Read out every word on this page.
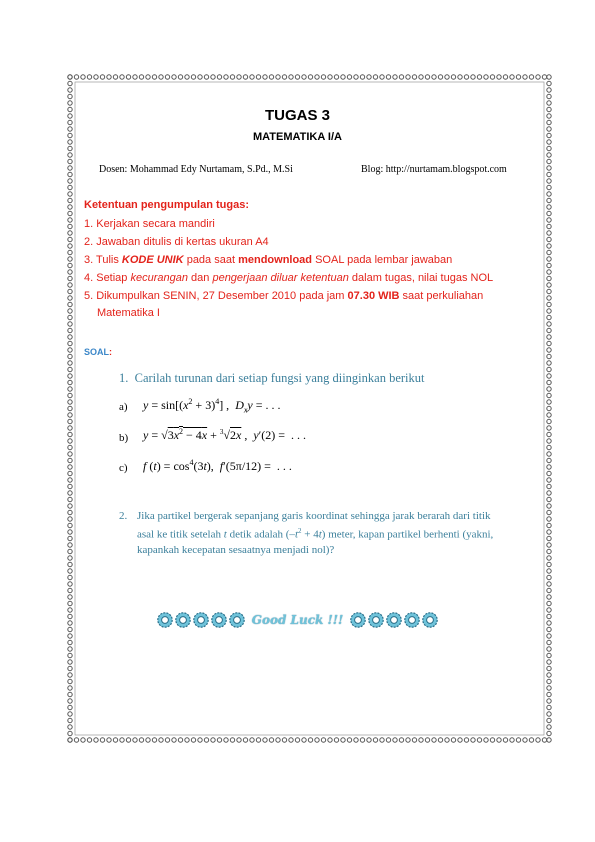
TUGAS 3
MATEMATIKA I/A
Dosen: Mohammad Edy Nurtamam, S.Pd., M.Si	Blog: http://nurtamam.blogspot.com
Ketentuan pengumpulan tugas:
1. Kerjakan secara mandiri
2. Jawaban ditulis di kertas ukuran A4
3. Tulis KODE UNIK pada saat mendownload SOAL pada lembar jawaban
4. Setiap kecurangan dan pengerjaan diluar ketentuan dalam tugas, nilai tugas NOL
5. Dikumpulkan SENIN, 27 Desember 2010 pada jam 07.30 WIB saat perkuliahan
Matematika I
SOAL:
1. Carilah turunan dari setiap fungsi yang diinginkan berikut
a) $y = \sin[(x^2 + 3)^4]$ ,  $D_xy$ = . . .
b) $y = √3x^2 - 4x + ^3√2x$ ,  y′(2) =  . . .
c) f $(t) = \cos^4(3t)$,  f′(5π/12) =  . . .
2. Jika partikel bergerak sepanjang garis koordinat sehingga jarak berarah dari titik
asal ke titik setelah t detik adalah $(-t^2 + 4t)$ meter, kapan partikel berhenti (yakni,
kapankah kecepatan sesaatnya menjadi nol)?
Good Luck !!!
